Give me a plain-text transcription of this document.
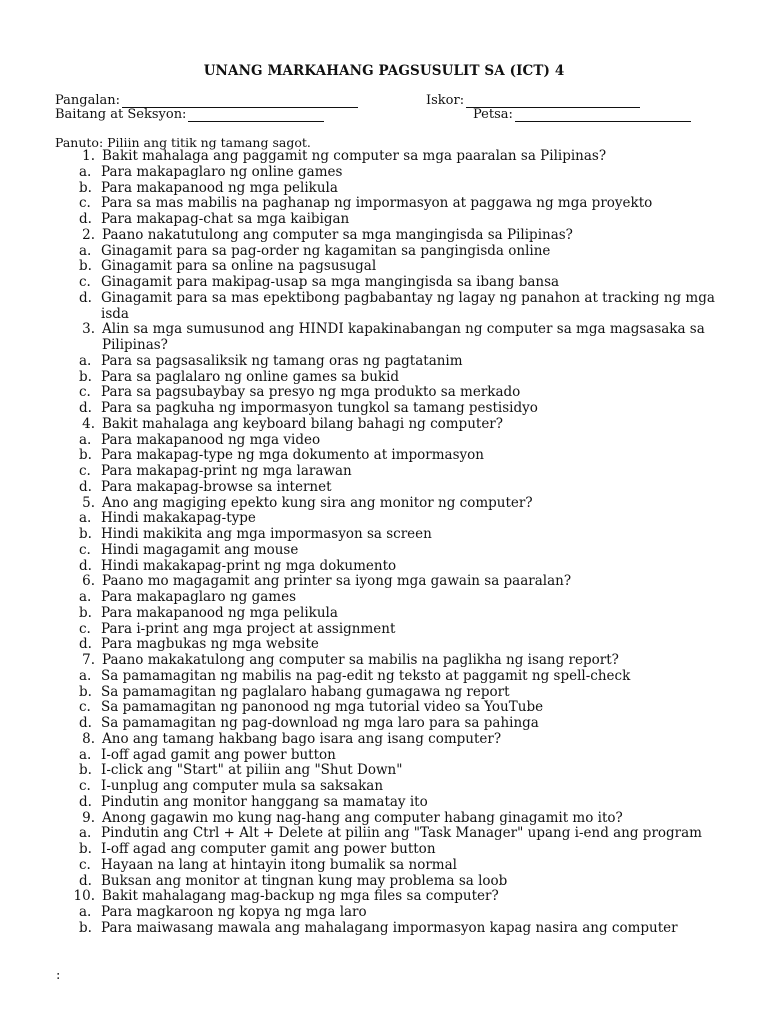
UNANG MARKAHANG PAGSUSULIT SA (ICT) 4
Pangalan:	Iskor:
Baitang at Seksyon:	Petsa:
Panuto: Piliin ang titik ng tamang sagot.
1. Bakit mahalaga ang paggamit ng computer sa mga paaralan sa Pilipinas?
a. Para makapaglaro ng online games
b. Para makapanood ng mga pelikula
c. Para sa mas mabilis na paghanap ng impormasyon at paggawa ng mga proyekto
d. Para makapag-chat sa mga kaibigan
2. Paano nakatutulong ang computer sa mga mangingisda sa Pilipinas?
a. Ginagamit para sa pag-order ng kagamitan sa pangingisda online
b. Ginagamit para sa online na pagsusugal
c. Ginagamit para makipag-usap sa mga mangingisda sa ibang bansa
d. Ginagamit para sa mas epektibong pagbabantay ng lagay ng panahon at tracking ng mga isda
3. Alin sa mga sumusunod ang HINDI kapakinabangan ng computer sa mga magsasaka sa Pilipinas?
a. Para sa pagsasaliksik ng tamang oras ng pagtatanim
b. Para sa paglalaro ng online games sa bukid
c. Para sa pagsubaybay sa presyo ng mga produkto sa merkado
d. Para sa pagkuha ng impormasyon tungkol sa tamang pestisidyo
4. Bakit mahalaga ang keyboard bilang bahagi ng computer?
a. Para makapanood ng mga video
b. Para makapag-type ng mga dokumento at impormasyon
c. Para makapag-print ng mga larawan
d. Para makapag-browse sa internet
5. Ano ang magiging epekto kung sira ang monitor ng computer?
a. Hindi makakapag-type
b. Hindi makikita ang mga impormasyon sa screen
c. Hindi magagamit ang mouse
d. Hindi makakapag-print ng mga dokumento
6. Paano mo magagamit ang printer sa iyong mga gawain sa paaralan?
a. Para makapaglaro ng games
b. Para makapanood ng mga pelikula
c. Para i-print ang mga project at assignment
d. Para magbukas ng mga website
7. Paano makakatulong ang computer sa mabilis na paglikha ng isang report?
a. Sa pamamagitan ng mabilis na pag-edit ng teksto at paggamit ng spell-check
b. Sa pamamagitan ng paglalaro habang gumagawa ng report
c. Sa pamamagitan ng panonood ng mga tutorial video sa YouTube
d. Sa pamamagitan ng pag-download ng mga laro para sa pahinga
8. Ano ang tamang hakbang bago isara ang isang computer?
a. I-off agad gamit ang power button
b. I-click ang "Start" at piliin ang "Shut Down"
c. I-unplug ang computer mula sa saksakan
d. Pindutin ang monitor hanggang sa mamatay ito
9. Anong gagawin mo kung nag-hang ang computer habang ginagamit mo ito?
a. Pindutin ang Ctrl + Alt + Delete at piliin ang "Task Manager" upang i-end ang program
b. I-off agad ang computer gamit ang power button
c. Hayaan na lang at hintayin itong bumalik sa normal
d. Buksan ang monitor at tingnan kung may problema sa loob
10. Bakit mahalagang mag-backup ng mga files sa computer?
a. Para magkaroon ng kopya ng mga laro
b. Para maiwasang mawala ang mahalagang impormasyon kapag nasira ang computer
:
